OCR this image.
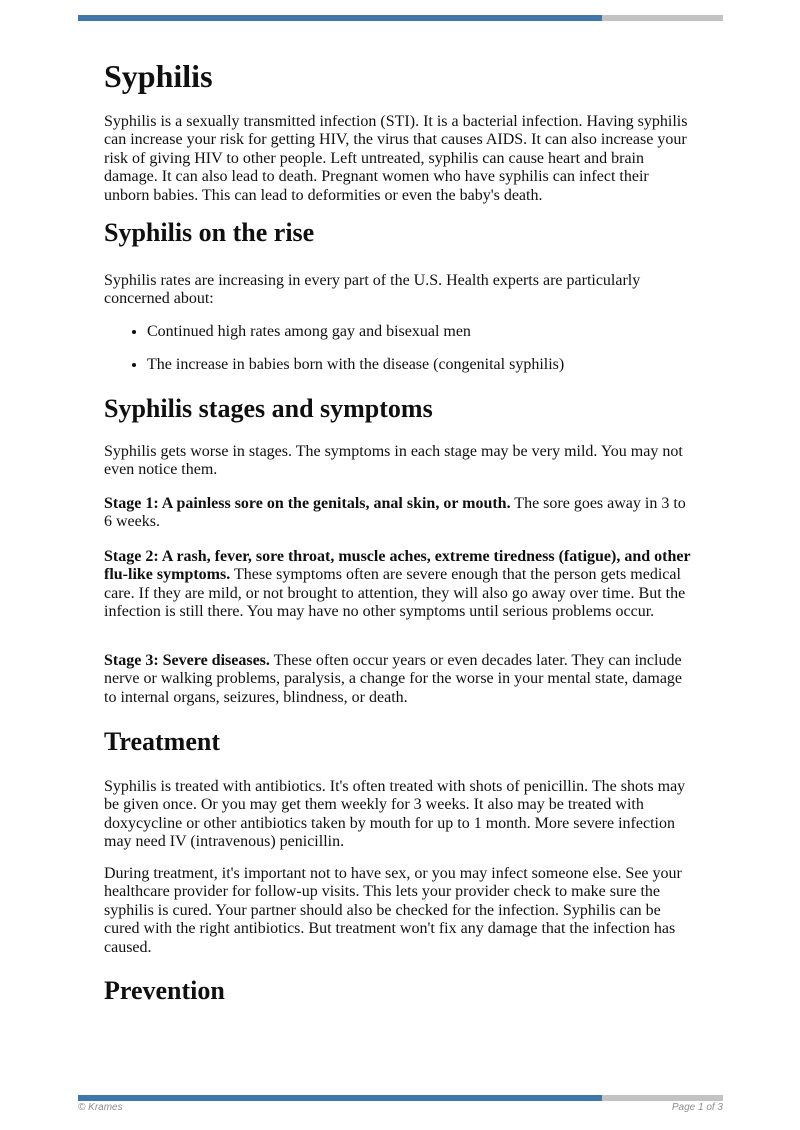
Syphilis

Syphilis is a sexually transmitted infection (STI). It is a bacterial infection. Having syphilis can increase your risk for getting HIV, the virus that causes AIDS. It can also increase your risk of giving HIV to other people. Left untreated, syphilis can cause heart and brain damage. It can also lead to death. Pregnant women who have syphilis can infect their unborn babies. This can lead to deformities or even the baby's death.

Syphilis on the rise

Syphilis rates are increasing in every part of the U.S. Health experts are particularly concerned about:

• Continued high rates among gay and bisexual men
• The increase in babies born with the disease (congenital syphilis)
Syphilis stages and symptoms

Syphilis gets worse in stages. The symptoms in each stage may be very mild. You may not even notice them.

Stage 1: A painless sore on the genitals, anal skin, or mouth. The sore goes away in 3 to 6 weeks.

Stage 2: A rash, fever, sore throat, muscle aches, extreme tiredness (fatigue), and other flu-like symptoms. These symptoms often are severe enough that the person gets medical care. If they are mild, or not brought to attention, they will also go away over time. But the infection is still there. You may have no other symptoms until serious problems occur.

Stage 3: Severe diseases. These often occur years or even decades later. They can include nerve or walking problems, paralysis, a change for the worse in your mental state, damage to internal organs, seizures, blindness, or death.

Treatment

Syphilis is treated with antibiotics. It's often treated with shots of penicillin. The shots may be given once. Or you may get them weekly for 3 weeks. It also may be treated with doxycycline or other antibiotics taken by mouth for up to 1 month. More severe infection may need IV (intravenous) penicillin.

During treatment, it's important not to have sex, or you may infect someone else. See your healthcare provider for follow-up visits. This lets your provider check to make sure the syphilis is cured. Your partner should also be checked for the infection. Syphilis can be cured with the right antibiotics. But treatment won't fix any damage that the infection has caused.

Prevention
© Krames	Page 1 of 3
